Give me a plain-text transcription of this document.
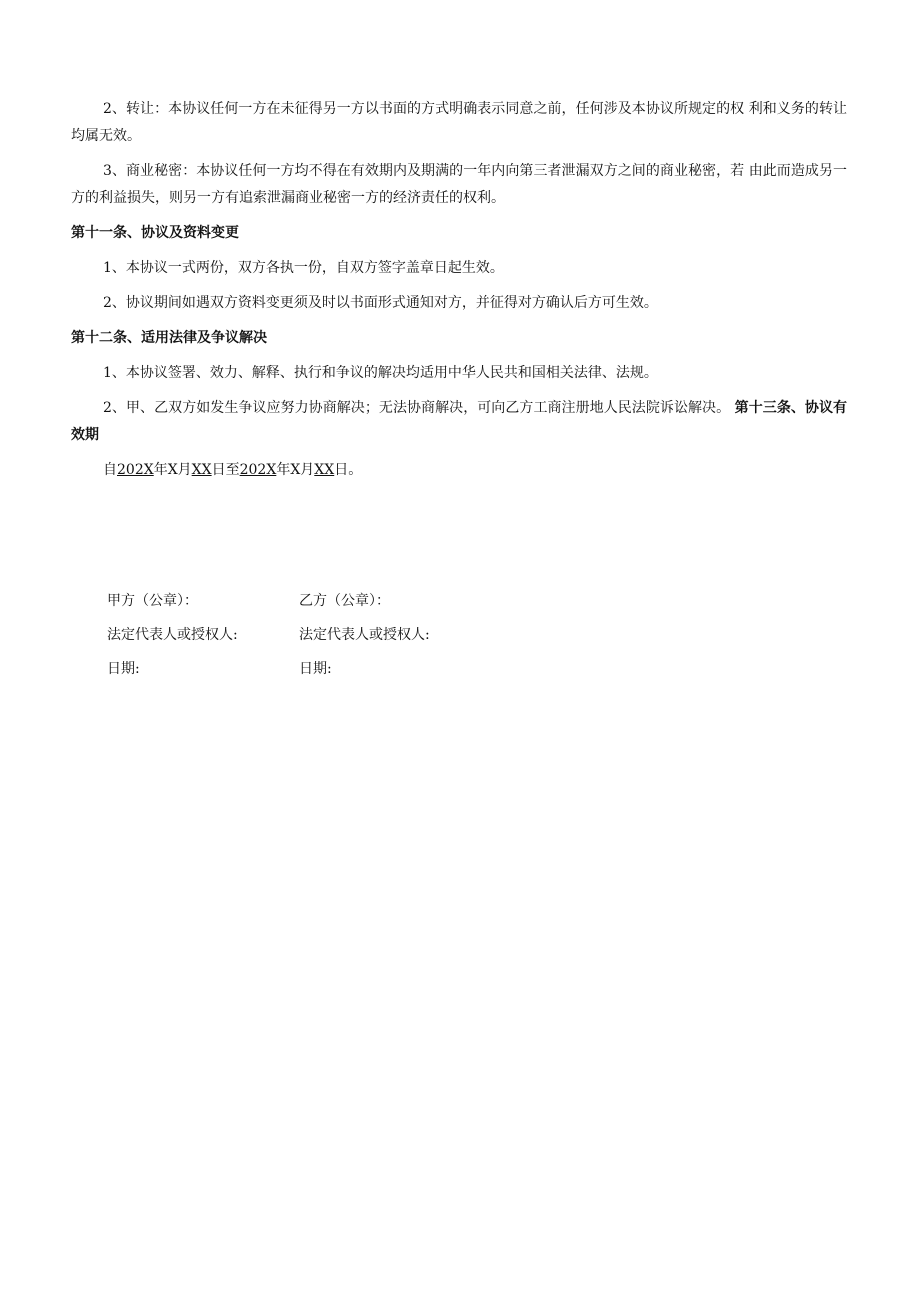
2、转让：本协议任何一方在未征得另一方以书面的方式明确表示同意之前，任何涉及本协议所规定的权 利和义务的转让均属无效。

3、商业秘密：本协议任何一方均不得在有效期内及期满的一年内向第三者泄漏双方之间的商业秘密，若 由此而造成另一方的利益损失，则另一方有追索泄漏商业秘密一方的经济责任的权利。

第十一条、协议及资料变更

1、本协议一式两份，双方各执一份，自双方签字盖章日起生效。

2、协议期间如遇双方资料变更须及时以书面形式通知对方，并征得对方确认后方可生效。

第十二条、适用法律及争议解决

1、本协议签署、效力、解释、执行和争议的解决均适用中华人民共和国相关法律、法规。

2、甲、乙双方如发生争议应努力协商解决；无法协商解决，可向乙方工商注册地人民法院诉讼解决。 第十三条、协议有效期

自202X年X月XX日至202X年X月XX日。

甲方（公章）：	乙方（公章）：
法定代表人或授权人:	法定代表人或授权人:
日期:	日期:
